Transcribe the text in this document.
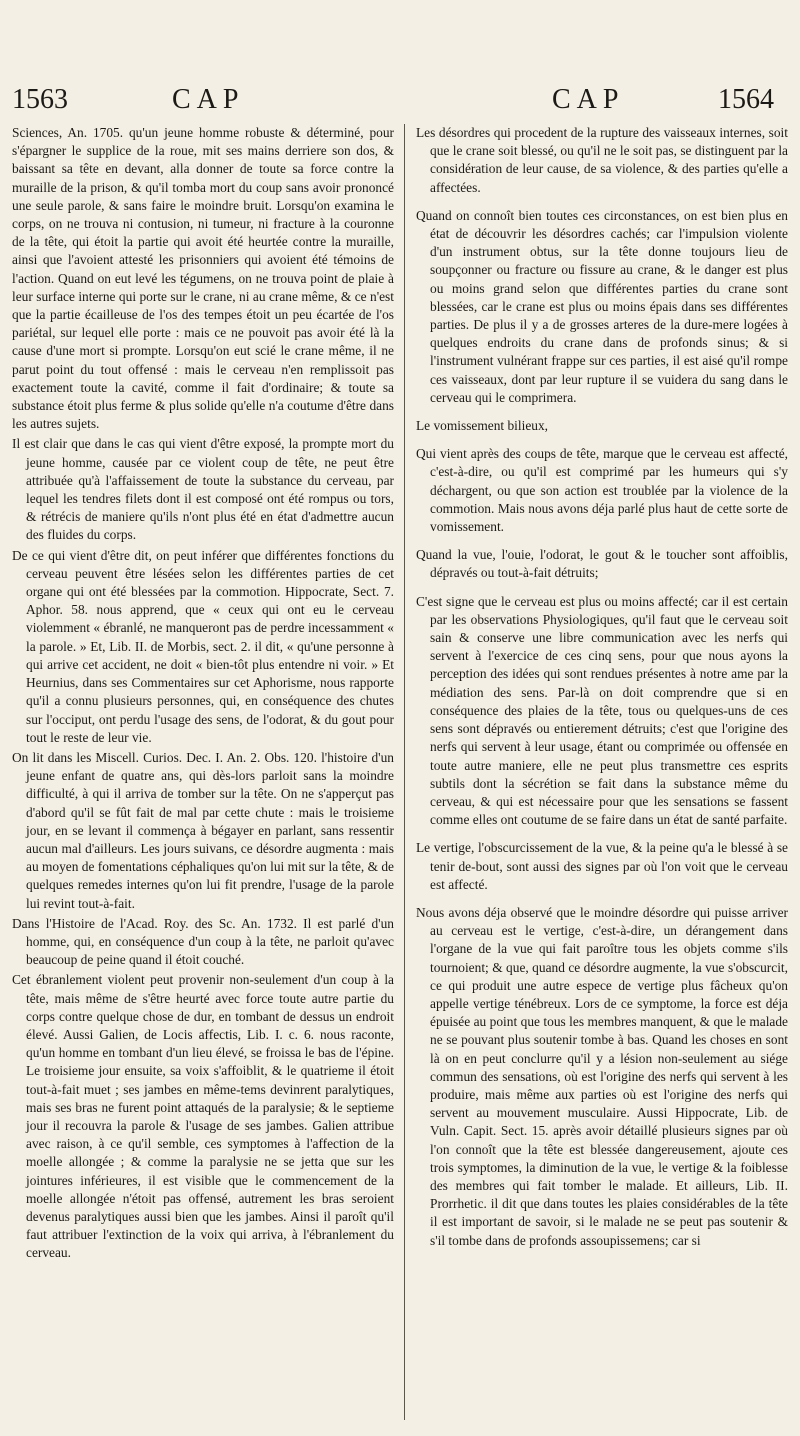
1563	CAP	CAP	1564

Sciences, An. 1705. qu'un jeune homme robuste & déterminé, pour s'épargner le supplice de la roue, mit ses mains derriere son dos, & baissant sa tête en devant, alla donner de toute sa force contre la muraille de la prison, & qu'il tomba mort du coup sans avoir prononcé une seule parole, & sans faire le moindre bruit. Lorsqu'on examina le corps, on ne trouva ni contusion, ni tumeur, ni fracture à la couronne de la tête, qui étoit la partie qui avoit été heurtée contre la muraille, ainsi que l'avoient attesté les prisonniers qui avoient été témoins de l'action. Quand on eut levé les tégumens, on ne trouva point de plaie à leur surface interne qui porte sur le crane, ni au crane même, & ce n'est que la partie écailleuse de l'os des tempes étoit un peu écartée de l'os pariétal, sur lequel elle porte : mais ce ne pouvoit pas avoir été là la cause d'une mort si prompte. Lorsqu'on eut scié le crane même, il ne parut point du tout offensé : mais le cerveau n'en remplissoit pas exactement toute la cavité, comme il fait d'ordinaire; & toute sa substance étoit plus ferme & plus solide qu'elle n'a coutume d'être dans les autres sujets.

Il est clair que dans le cas qui vient d'être exposé, la prompte mort du jeune homme, causée par ce violent coup de tête, ne peut être attribuée qu'à l'affaissement de toute la substance du cerveau, par lequel les tendres filets dont il est composé ont été rompus ou tors, & rétrécis de maniere qu'ils n'ont plus été en état d'admettre aucun des fluides du corps.

De ce qui vient d'être dit, on peut inférer que différentes fonctions du cerveau peuvent être lésées selon les différentes parties de cet organe qui ont été blessées par la commotion. Hippocrate, Sect. 7. Aphor. 58. nous apprend, que « ceux qui ont eu le cerveau violemment « ébranlé, ne manqueront pas de perdre incessamment « la parole. » Et, Lib. II. de Morbis, sect. 2. il dit, « qu'une personne à qui arrive cet accident, ne doit « bien-tôt plus entendre ni voir. » Et Heurnius, dans ses Commentaires sur cet Aphorisme, nous rapporte qu'il a connu plusieurs personnes, qui, en conséquence des chutes sur l'occiput, ont perdu l'usage des sens, de l'odorat, & du gout pour tout le reste de leur vie.

On lit dans les Miscell. Curios. Dec. I. An. 2. Obs. 120. l'histoire d'un jeune enfant de quatre ans, qui dès-lors parloit sans la moindre difficulté, à qui il arriva de tomber sur la tête. On ne s'apperçut pas d'abord qu'il se fût fait de mal par cette chute : mais le troisieme jour, en se levant il commença à bégayer en parlant, sans ressentir aucun mal d'ailleurs. Les jours suivans, ce désordre augmenta : mais au moyen de fomentations céphaliques qu'on lui mit sur la tête, & de quelques remedes internes qu'on lui fit prendre, l'usage de la parole lui revint tout-à-fait.

Dans l'Histoire de l'Acad. Roy. des Sc. An. 1732. Il est parlé d'un homme, qui, en conséquence d'un coup à la tête, ne parloit qu'avec beaucoup de peine quand il étoit couché.

Cet ébranlement violent peut provenir non-seulement d'un coup à la tête, mais même de s'être heurté avec force toute autre partie du corps contre quelque chose de dur, en tombant de dessus un endroit élevé. Aussi Galien, de Locis affectis, Lib. I. c. 6. nous raconte, qu'un homme en tombant d'un lieu élevé, se froissa le bas de l'épine. Le troisieme jour ensuite, sa voix s'affoiblit, & le quatrieme il étoit tout-à-fait muet ; ses jambes en même-tems devinrent paralytiques, mais ses bras ne furent point attaqués de la paralysie; & le septieme jour il recouvra la parole & l'usage de ses jambes. Galien attribue avec raison, à ce qu'il semble, ces symptomes à l'affection de la moelle allongée ; & comme la paralysie ne se jetta que sur les jointures inférieures, il est visible que le commencement de la moelle allongée n'étoit pas offensé, autrement les bras seroient devenus paralytiques aussi bien que les jambes. Ainsi il paroît qu'il faut attribuer l'extinction de la voix qui arriva, à l'ébranlement du cerveau.

Les désordres qui procedent de la rupture des vaisseaux internes, soit que le crane soit blessé, ou qu'il ne le soit pas, se distinguent par la considération de leur cause, de sa violence, & des parties qu'elle a affectées.

Quand on connoît bien toutes ces circonstances, on est bien plus en état de découvrir les désordres cachés; car l'impulsion violente d'un instrument obtus, sur la tête donne toujours lieu de soupçonner ou fracture ou fissure au crane, & le danger est plus ou moins grand selon que différentes parties du crane sont blessées, car le crane est plus ou moins épais dans ses différentes parties. De plus il y a de grosses arteres de la dure-mere logées à quelques endroits du crane dans de profonds sinus; & si l'instrument vulnérant frappe sur ces parties, il est aisé qu'il rompe ces vaisseaux, dont par leur rupture il se vuidera du sang dans le cerveau qui le comprimera.

Le vomissement bilieux,

Qui vient après des coups de tête, marque que le cerveau est affecté, c'est-à-dire, ou qu'il est comprimé par les humeurs qui s'y déchargent, ou que son action est troublée par la violence de la commotion. Mais nous avons déja parlé plus haut de cette sorte de vomissement.

Quand la vue, l'ouie, l'odorat, le gout & le toucher sont affoiblis, dépravés ou tout-à-fait détruits;

C'est signe que le cerveau est plus ou moins affecté; car il est certain par les observations Physiologiques, qu'il faut que le cerveau soit sain & conserve une libre communication avec les nerfs qui servent à l'exercice de ces cinq sens, pour que nous ayons la perception des idées qui sont rendues présentes à notre ame par la médiation des sens. Par-là on doit comprendre que si en conséquence des plaies de la tête, tous ou quelques-uns de ces sens sont dépravés ou entierement détruits; c'est que l'origine des nerfs qui servent à leur usage, étant ou comprimée ou offensée en toute autre maniere, elle ne peut plus transmettre ces esprits subtils dont la sécrétion se fait dans la substance même du cerveau, & qui est nécessaire pour que les sensations se fassent comme elles ont coutume de se faire dans un état de santé parfaite.

Le vertige, l'obscurcissement de la vue, & la peine qu'a le blessé à se tenir de-bout, sont aussi des signes par où l'on voit que le cerveau est affecté.

Nous avons déja observé que le moindre désordre qui puisse arriver au cerveau est le vertige, c'est-à-dire, un dérangement dans l'organe de la vue qui fait paroître tous les objets comme s'ils tournoient; & que, quand ce désordre augmente, la vue s'obscurcit, ce qui produit une autre espece de vertige plus fâcheux qu'on appelle vertige ténébreux. Lors de ce symptome, la force est déja épuisée au point que tous les membres manquent, & que le malade ne se pouvant plus soutenir tombe à bas. Quand les choses en sont là on en peut conclurre qu'il y a lésion non-seulement au siége commun des sensations, où est l'origine des nerfs qui servent à les produire, mais même aux parties où est l'origine des nerfs qui servent au mouvement musculaire. Aussi Hippocrate, Lib. de Vuln. Capit. Sect. 15. après avoir détaillé plusieurs signes par où l'on connoît que la tête est blessée dangereusement, ajoute ces trois symptomes, la diminution de la vue, le vertige & la foiblesse des membres qui fait tomber le malade. Et ailleurs, Lib. II. Prorrhetic. il dit que dans toutes les plaies considérables de la tête il est important de savoir, si le malade ne se peut pas soutenir & s'il tombe dans de profonds assoupissemens; car si
